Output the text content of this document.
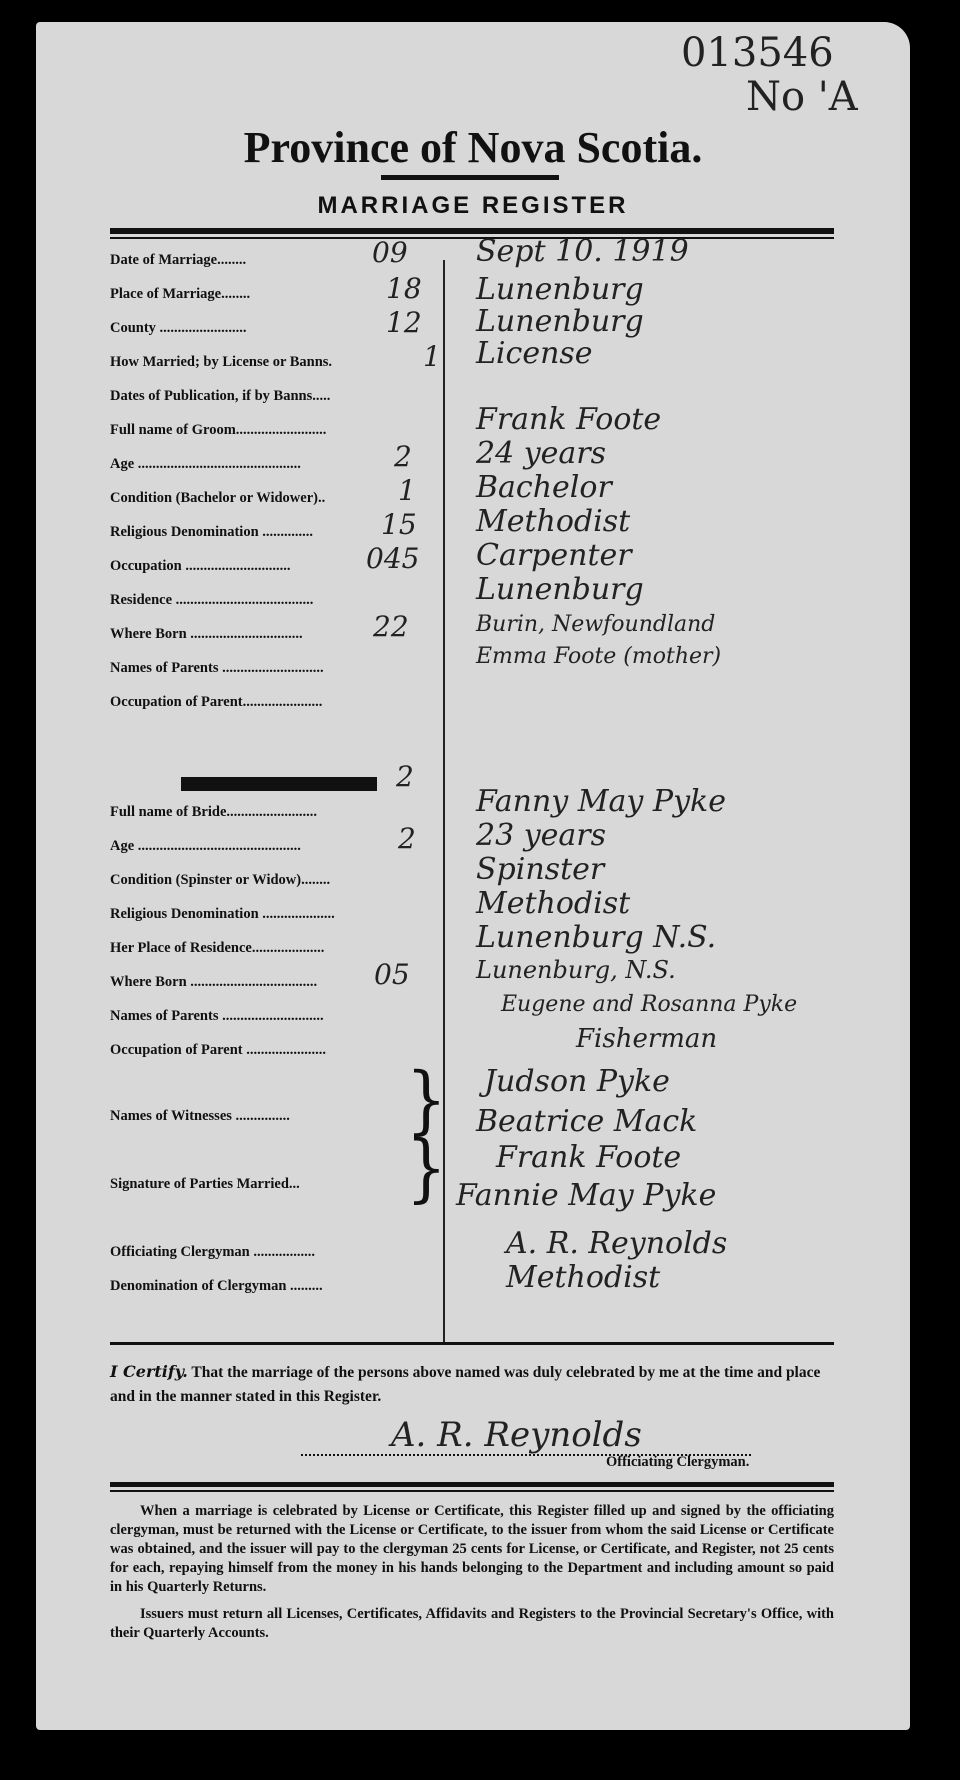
013546
No 'A
Province of Nova Scotia.
MARRIAGE REGISTER
Date of Marriage........	09 Sept 10. 1919
Place of Marriage........	18 Lunenburg
County ........................	12 Lunenburg
How Married; by License or Banns.	1 License
Dates of Publication, if by Banns.....
Full name of Groom.........................	Frank Foote
Age .............................................	2 24 years
Condition (Bachelor or Widower)..	1 Bachelor
Religious Denomination .............. 15 Methodist
Occupation .............................	045 Carpenter
Residence ......................................	Lunenburg
Where Born ...............................	22	Burin, Newfoundland
Names of Parents ............................	Emma Foote (mother)
Occupation of Parent......................
2
Full name of Bride.........................	Fanny May Pyke
Age .............................................	2 23 years
Condition (Spinster or Widow)........	Spinster
Religious Denomination ....................	Methodist
Her Place of Residence....................	Lunenburg N.S.
Where Born ................................... 05	Lunenburg, N.S.
Names of Parents ............................	Eugene and Rosanna Pyke
Occupation of Parent ......................	Fisherman
Names of Witnesses ............... } Judson Pyke
Beatrice Mack
Signature of Parties Married... } Frank Foote
Fannie May Pyke
Officiating Clergyman .................	A. R. Reynolds
Denomination of Clergyman .........	Methodist
I Certify. That the marriage of the persons above named was duly celebrated by me at the time and place and in the manner stated in this Register.
A. R. Reynolds
Officiating Clergyman.

When a marriage is celebrated by License or Certificate, this Register filled up and signed by the officiating clergyman, must be returned with the License or Certificate, to the issuer from whom the said License or Certificate was obtained, and the issuer will pay to the clergyman 25 cents for License, or Certificate, and Register, not 25 cents for each, repaying himself from the money in his hands belonging to the Department and including amount so paid in his Quarterly Returns.

Issuers must return all Licenses, Certificates, Affidavits and Registers to the Provincial Secretary's Office, with their Quarterly Accounts.
